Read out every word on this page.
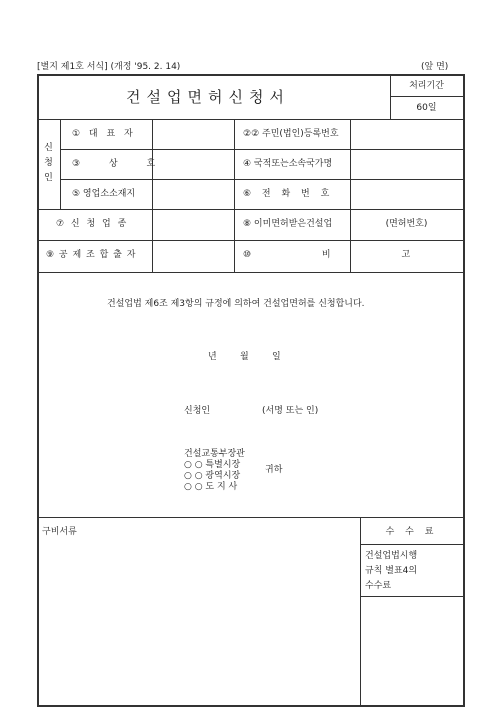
[별지 제1호 서식] (개정 '95. 2. 14)	(앞 면)
건설업면허신청서
처리기간
60일
신
청
인
① 대 표 자	②② 주민(법인)등록번호
③ 상 호	④ 국적또는소속국가명
⑤ 영업소소재지	⑥ 전 화 번 호
⑦ 신 청 업 종	⑧ 이미면허받은건설업	(면허번호)
⑨ 공 제 조 합 출 자	⑩ 비 고
건설업법 제6조 제3항의 규정에 의하여 건설업면허를 신청합니다.
년	월	일
신청인	(서명 또는 인)
건설교통부장관
○ ○ 특별시장
○ ○ 광역시장
○ ○ 도 지 사
귀하
구비서류	수 수 료
건설업법시행
규칙 별표4의
수수료
